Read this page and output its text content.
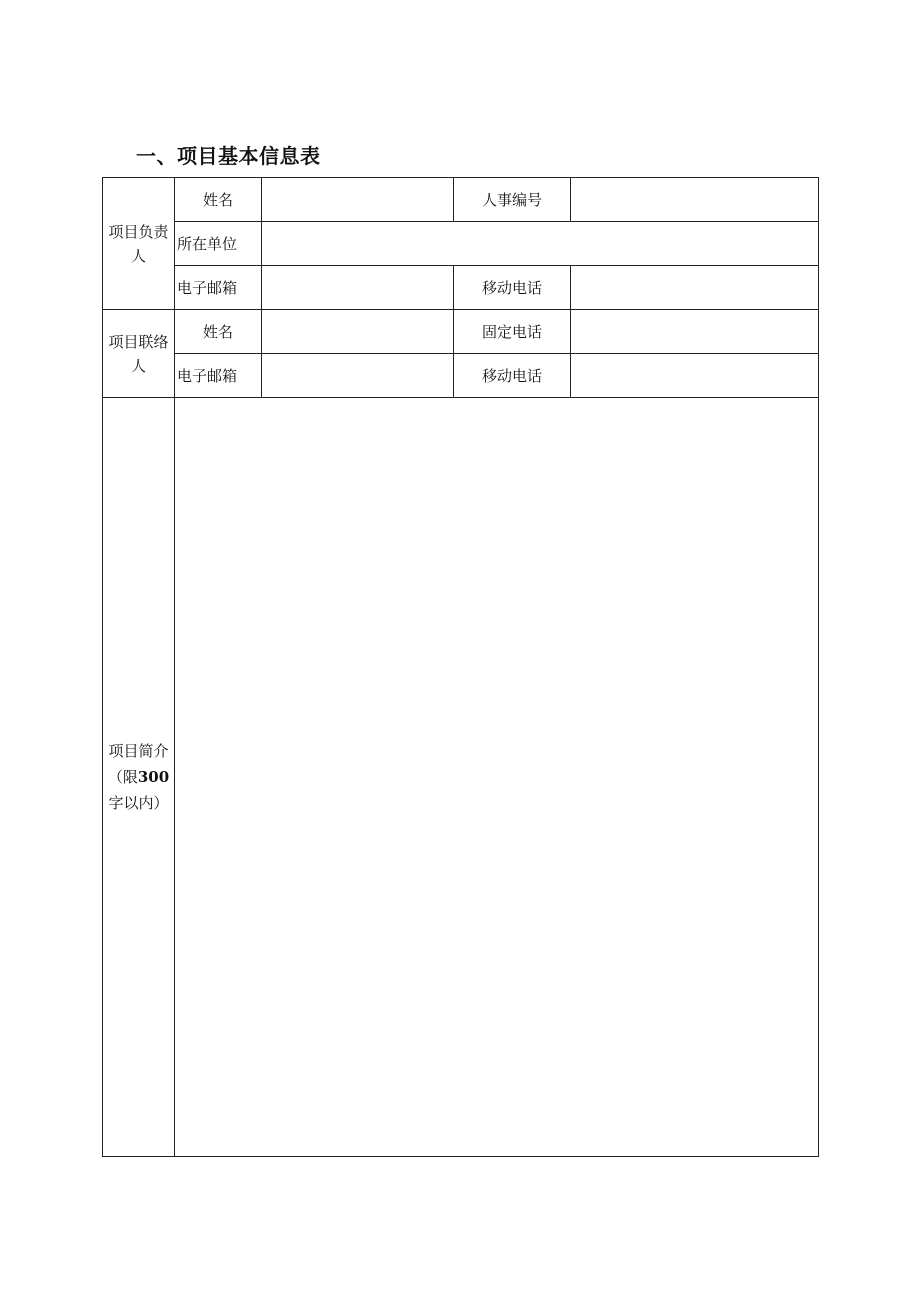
一、项目基本信息表
项目负责人	姓名		人事编号	
	所在单位			
	电子邮箱		移动电话	
项目联络人	姓名		固定电话	
	电子邮箱		移动电话	
项目简介
（限300
字以内）				
